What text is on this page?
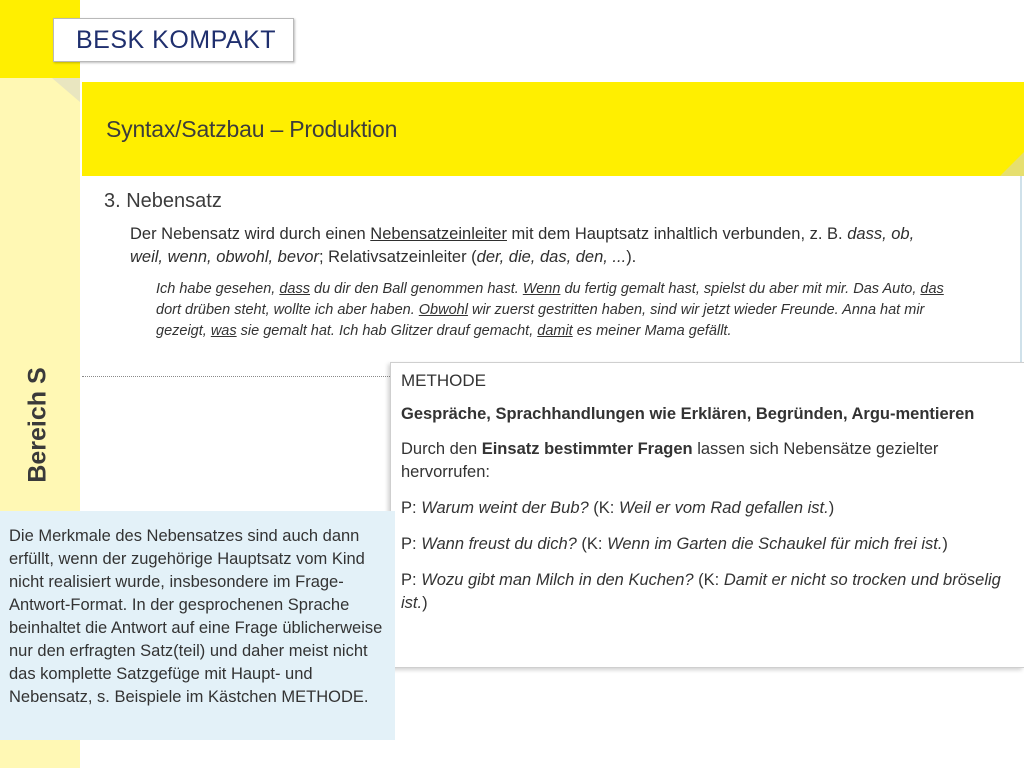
BESK KOMPAKT
Syntax/Satzbau – Produktion
3. Nebensatz
Der Nebensatz wird durch einen Nebensatzeinleiter mit dem Hauptsatz inhaltlich verbunden, z. B. dass, ob, weil, wenn, obwohl, bevor; Relativsatzeinleiter (der, die, das, den, ...).
Ich habe gesehen, dass du dir den Ball genommen hast. Wenn du fertig gemalt hast, spielst du aber mit mir. Das Auto, das dort drüben steht, wollte ich aber haben. Obwohl wir zuerst gestritten haben, sind wir jetzt wieder Freunde. Anna hat mir gezeigt, was sie gemalt hat. Ich hab Glitzer drauf gemacht, damit es meiner Mama gefällt.
Bereich S	METHODE
Gespräche, Sprachhandlungen wie Erklären, Begründen, Argu-mentieren
Durch den Einsatz bestimmter Fragen lassen sich Nebensätze gezielter hervorrufen:
P: Warum weint der Bub? (K: Weil er vom Rad gefallen ist.)
P: Wann freust du dich? (K: Wenn im Garten die Schaukel für mich frei ist.)
P: Wozu gibt man Milch in den Kuchen? (K: Damit er nicht so trocken und bröselig ist.)
Die Merkmale des Nebensatzes sind auch dann erfüllt, wenn der zugehörige Hauptsatz vom Kind nicht realisiert wurde, insbesondere im Frage-Antwort-Format. In der gesprochenen Sprache beinhaltet die Antwort auf eine Frage üblicherweise nur den erfragten Satz(teil) und daher meist nicht das komplette Satzgefüge mit Haupt- und Nebensatz, s. Beispiele im Kästchen METHODE.
